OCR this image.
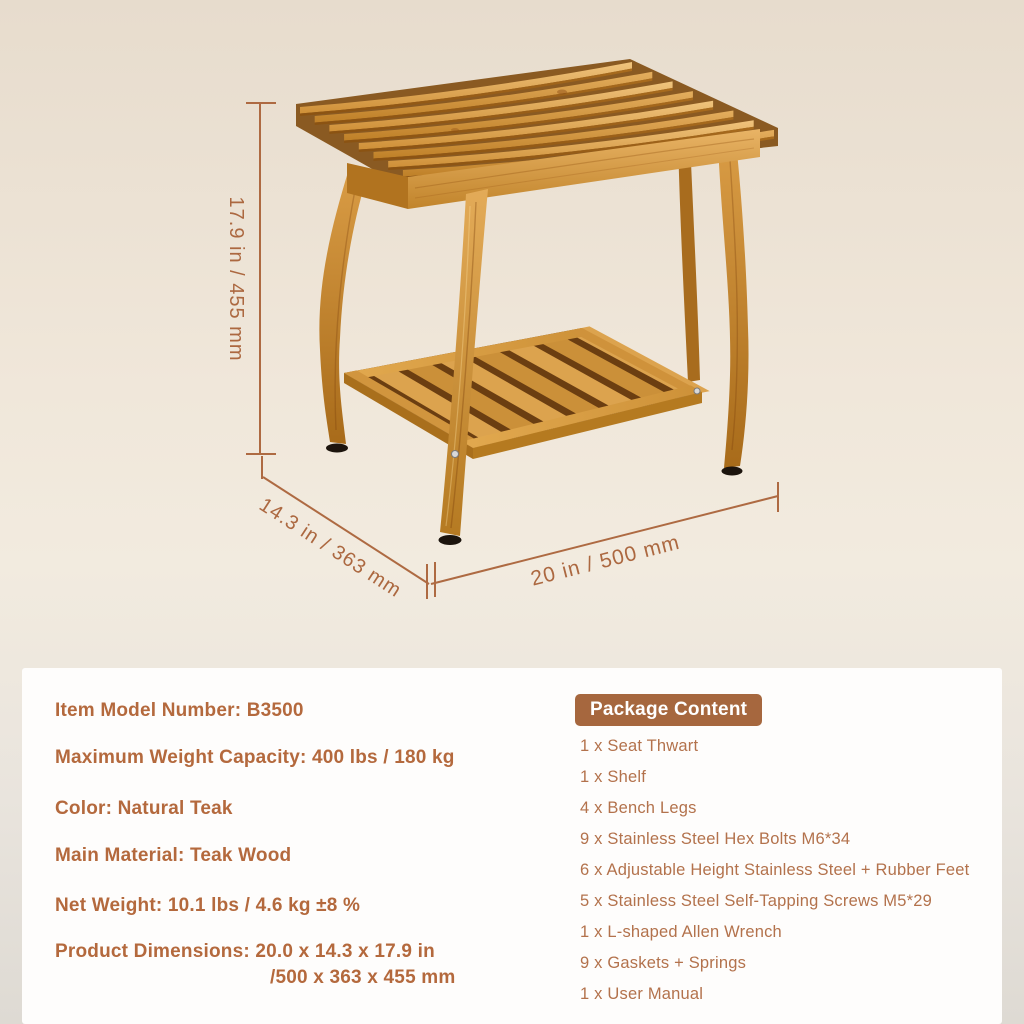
17.9 in / 455 mm
14.3 in / 363 mm	20 in / 500 mm
Item Model Number: B3500
Maximum Weight Capacity: 400 lbs / 180 kg
Color: Natural Teak
Main Material: Teak Wood
Net Weight: 10.1 lbs / 4.6 kg ±8 %
Product Dimensions: 20.0 x 14.3 x 17.9 in
/500 x 363 x 455 mm
Package Content
1 x Seat Thwart
1 x Shelf
4 x Bench Legs
9 x Stainless Steel Hex Bolts M6*34
6 x Adjustable Height Stainless Steel + Rubber Feet
5 x Stainless Steel Self-Tapping Screws M5*29
1 x L-shaped Allen Wrench
9 x Gaskets + Springs
1 x User Manual
